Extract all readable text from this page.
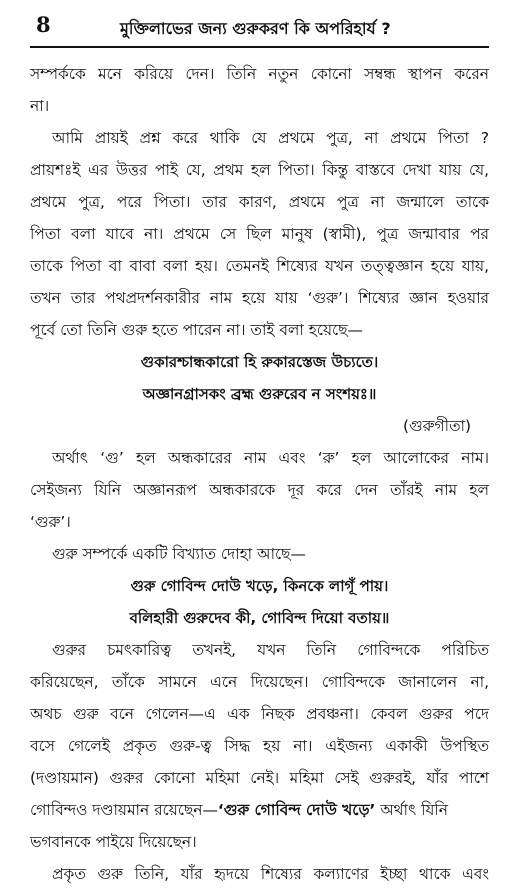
8	মুক্তিলাভের জন্য গুরুকরণ কি অপরিহার্য ?
সম্পর্ককে মনে করিয়ে দেন। তিনি নতুন কোনো সম্বন্ধ স্থাপন করেন
না।
আমি প্রায়ই প্রশ্ন করে থাকি যে প্রথমে পুত্র, না প্রথমে পিতা ?
প্রায়শঃই এর উত্তর পাই যে, প্রথম হল পিতা। কিন্তু বাস্তবে দেখা যায় যে,
প্রথমে পুত্র, পরে পিতা। তার কারণ, প্রথমে পুত্র না জন্মালে তাকে
পিতা বলা যাবে না। প্রথমে সে ছিল মানুষ (স্বামী), পুত্র জন্মাবার পর
তাকে পিতা বা বাবা বলা হয়। তেমনই শিষ্যের যখন তত্ত্বজ্ঞান হয়ে যায়,
তখন তার পথপ্রদর্শনকারীর নাম হয়ে যায় ‘গুরু’। শিষ্যের জ্ঞান হওয়ার
পূর্বে তো তিনি গুরু হতে পারেন না। তাই বলা হয়েছে—
গুকারশ্চান্ধকারো হি রুকারস্তেজ উচ্যতে।
অজ্ঞানগ্রাসকং ব্রহ্ম গুরুরেব ন সংশয়ঃ॥
(গুরুগীতা)
অর্থাৎ ‘গু’ হল অন্ধকারের নাম এবং ‘রু’ হল আলোকের নাম।
সেইজন্য যিনি অজ্ঞানরূপ অন্ধকারকে দূর করে দেন তাঁরই নাম হল
‘গুরু’।
গুরু সম্পর্কে একটি বিখ্যাত দোহা আছে—
গুরু গোবিন্দ দোউ খড়ে, কিনকে লাগূঁ পায়।
বলিহারী গুরুদেব কী, গোবিন্দ দিয়ো বতায়॥
গুরুর চমৎকারিত্ব তখনই, যখন তিনি গোবিন্দকে পরিচিত
করিয়েছেন, তাঁকে সামনে এনে দিয়েছেন। গোবিন্দকে জানালেন না,
অথচ গুরু বনে গেলেন—এ এক নিছক প্রবঞ্চনা। কেবল গুরুর পদে
বসে গেলেই প্রকৃত গুরু-ত্ব সিদ্ধ হয় না। এইজন্য একাকী উপস্থিত
(দণ্ডায়মান) গুরুর কোনো মহিমা নেই। মহিমা সেই গুরুরই, যাঁর পাশে
গোবিন্দও দণ্ডায়মান রয়েছেন—‘গুরু গোবিন্দ দোউ খড়ে’ অর্থাৎ যিনি
ভগবানকে পাইয়ে দিয়েছেন।
প্রকৃত গুরু তিনি, যাঁর হৃদয়ে শিষ্যের কল্যাণের ইচ্ছা থাকে এবং
